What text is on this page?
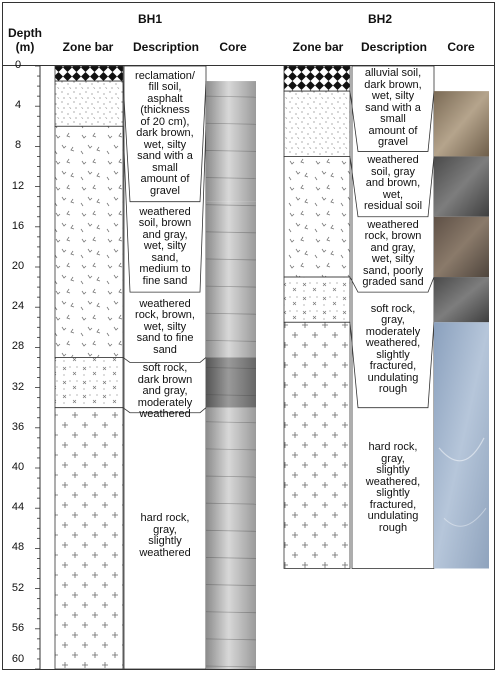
Depth
(m)
BH1	BH2
Zone bar	Description	Core	Zone bar	Description	Core
0
4
8
12
16
20
24
28
32
36
40
44
48
52
56
60
reclamation/
fill soil,
asphalt
(thickness
of 20 cm),
dark brown,
wet, silty
sand with a
small
amount of
gravel
weathered
soil, brown
and gray,
wet, silty
sand,
medium to
fine sand
weathered
rock, brown,
wet, silty
sand to fine
sand
soft rock,
dark brown
and gray,
moderately
weathered
hard rock,
gray,
slightly
weathered
alluvial soil,
dark brown,
wet, silty
sand with a
small
amount of
gravel
weathered
soil, gray
and brown,
wet,
residual soil
weathered
rock, brown
and gray,
wet, silty
sand, poorly
graded sand
soft rock,
gray,
moderately
weathered,
slightly
fractured,
undulating
rough
hard rock,
gray,
slightly
weathered,
slightly
fractured,
undulating
rough
